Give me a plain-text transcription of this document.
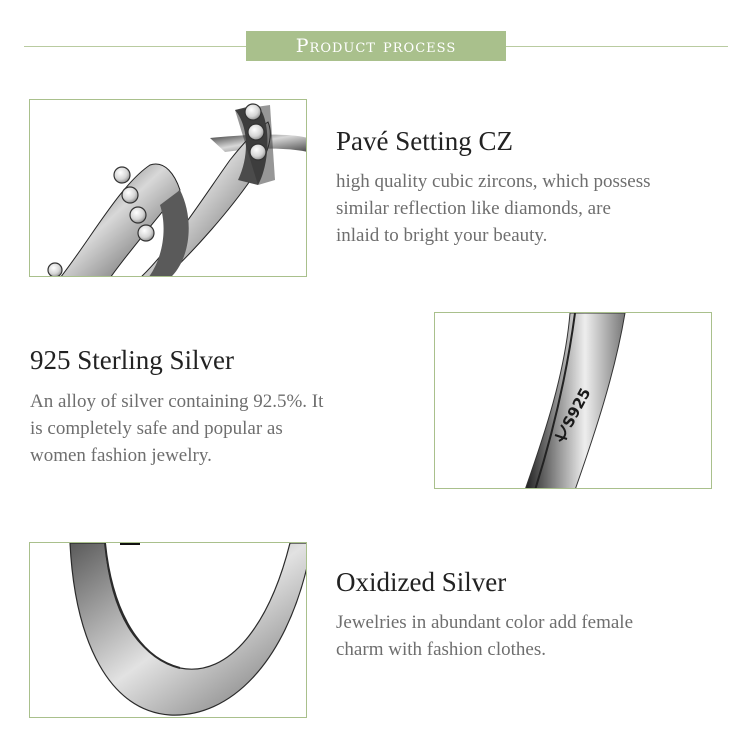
Product process
Pavé Setting CZ
high quality cubic zircons, which possess
similar reflection like diamonds, are
inlaid to bright your beauty.
925 Sterling Silver
An alloy of silver containing 92.5%. It
is completely safe and popular as
women fashion jewelry.
S925
Oxidized Silver
Jewelries in abundant color add female
charm with fashion clothes.
